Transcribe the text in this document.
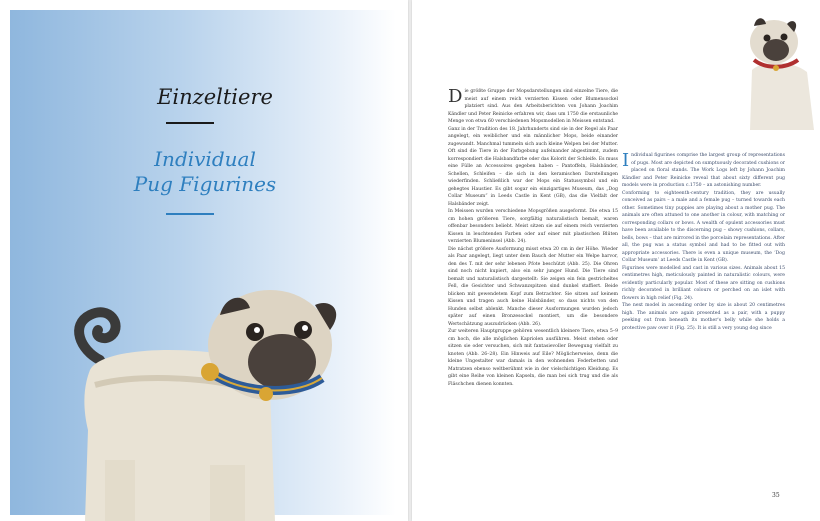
Einzeltiere
Individual
Pug Figurines

Die größte Gruppe der Mopsdarstellungen sind einzelne Tiere, die meist auf einem reich verzierten Kissen oder Blumensockel platziert sind. Aus den Arbeitsberichten von Johann Joachim Kändler und Peter Reinicke erfahren wir, dass um 1750 die erstaunliche Menge von etwa 60 verschiedenen Mopsmodellen in Meissen entstand.

Ganz in der Tradition des 18. Jahrhunderts sind sie in der Regel als Paar angelegt, ein weiblicher und ein männlicher Mops, beide einander zugewandt. Manchmal tummeln sich auch kleine Welpen bei der Mutter. Oft sind die Tiere in der Farbgebung aufeinander abgestimmt, zudem korrespondiert die Halsbandfarbe oder das Kolorit der Schleife. Es muss eine Fülle an Accessoires gegeben haben – Pantoffeln, Halsbänder, Schellen, Schleifen – die sich in den keramischen Darstellungen wiederfinden. Schließlich war der Mops ein Statussymbol und ein gehegtes Haustier. Es gibt sogar ein einzigartiges Museum, das „Dog Collar Museum“ in Leeds Castle in Kent (GB), das die Vielfalt der Halsbänder zeigt.

In Meissen wurden verschiedene Mopsgrößen ausgeformt. Die etwa 15 cm hohen größeren Tiere, sorgfältig naturalistisch bemalt, waren offenbar besonders beliebt. Meist sitzen sie auf einem reich verzierten Kissen in leuchtenden Farben oder auf einer mit plastischen Blüten verzierten Blumeninsel (Abb. 24).

Die nächst größere Ausformung misst etwa 20 cm in der Höhe. Wieder als Paar angelegt, liegt unter dem Bauch der Mutter ein Welpe harvor, den des T. mit der sehr lebenen Pfote beschützt (Abb. 25). Die Ohren sind noch nicht kupiert, also ein sehr junger Hund. Die Tiere sind bemalt und naturalistisch dargestellt: Sie zeigen ein fein gestricheltes Fell, die Gesichter und Schwanzspitzen sind dunkel staffiert. Beide blicken mit gewendetem Kopf zum Betrachter. Sie sitzen auf keinem Kissen und tragen auch keine Halsbänder, so dass nichts von den Hunden selbst ablenkt. Manche dieser Ausformungen wurden jedoch später auf einen Bronzesockel montiert, um die besondere Wertschätzung auszudrücken (Abb. 26).

Zur weiteren Hauptgruppe gehören wesentlich kleinere Tiere, etwa 5–9 cm hoch, die alle möglichen Kapriolen ausführen. Meist stehen oder sitzen sie oder versuchen, sich mit fantasievoller Bewegung vielfalt zu knoten (Abb. 26–28). Ein Hinweis auf Eile? Möglicherweise, denn die kleine Ungestalter war damals in den wohnenden Federbetten und Matratzen ebenso weltberühmt wie in der vielschichtigen Kleidung. Es gibt eine Reihe von kleinen Kapseln, die man bei sich trug und die als Fläschchen dienen konnten.

Individual figurines comprise the largest group of representations of pugs. Most are depicted on sumptuously decorated cushions or placed on floral stands. The Work Logs left by Johann Joachim Kändler and Peter Reinicke reveal that about sixty different pug models were in production c.1750 – an astonishing number.

Conforming to eighteenth-century tradition, they are usually conceived as pairs – a male and a female pug – turned towards each other. Sometimes tiny puppies are playing about a mother pug. The animals are often attuned to one another in colour, with matching or corresponding collars or bows. A wealth of opulent accessories must have been available to the discerning pug – showy cushions, collars, bells, bows – that are mirrored in the porcelain representations. After all, the pug was a status symbol and had to be fitted out with appropriate accessories. There is even a unique museum, the ‘Dog Collar Museum’ at Leeds Castle in Kent (GB).

Figurines were modelled and cast in various sizes. Animals about 15 centimetres high, meticulously painted in naturalistic colours, were evidently particularly popular. Most of these are sitting on cushions richly decorated in brilliant colours or perched on an islet with flowers in high relief (Fig. 24).

The next model in ascending order by size is about 20 centimetres high. The animals are again presented as a pair, with a puppy peeking out from beneath its mother's belly while she holds a protective paw over it (Fig. 25). It is still a very young dog since

35
